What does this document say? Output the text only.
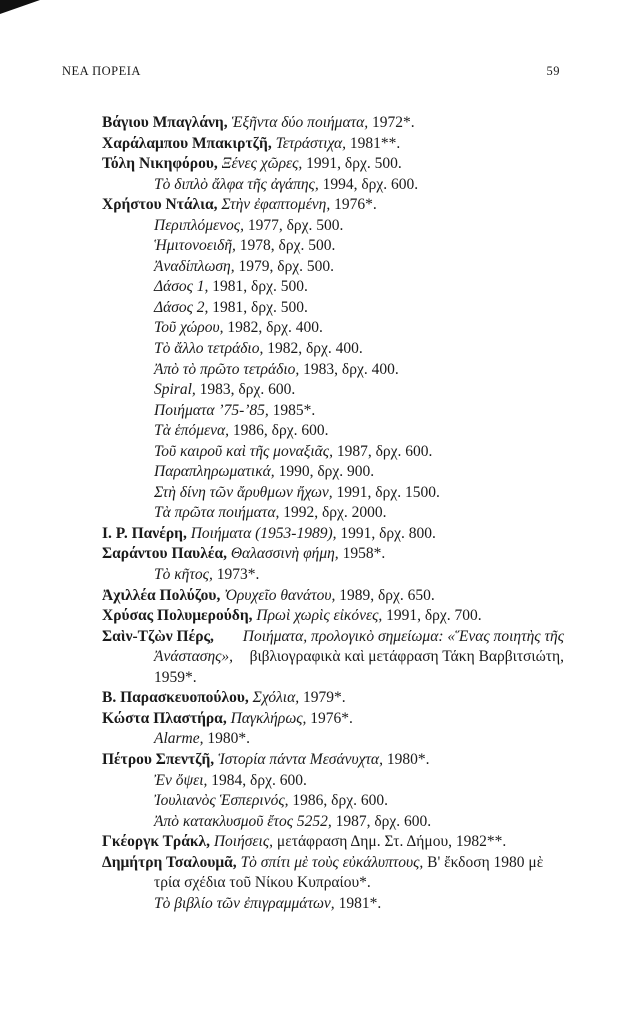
ΝΕΑ ΠΟΡΕΙΑ	59
Βάγιου Μπαγλάνη, Ἑξῆντα δύο ποιήματα, 1972*.
Χαράλαμπου Μπακιρτζῆ, Τετράστιχα, 1981**.
Τόλη Νικηφόρου, Ξένες χῶρες, 1991, δρχ. 500.
Τὸ διπλὸ ἄλφα τῆς ἀγάπης, 1994, δρχ. 600.
Χρήστου Ντάλια, Στὴν ἐφαπτομένη, 1976*.
Περιπλόμενος, 1977, δρχ. 500.
Ἡμιτονοειδῆ, 1978, δρχ. 500.
Ἀναδίπλωση, 1979, δρχ. 500.
Δάσος 1, 1981, δρχ. 500.
Δάσος 2, 1981, δρχ. 500.
Τοῦ χώρου, 1982, δρχ. 400.
Τὸ ἄλλο τετράδιο, 1982, δρχ. 400.
Ἀπὸ τὸ πρῶτο τετράδιο, 1983, δρχ. 400.
Spiral, 1983, δρχ. 600.
Ποιήματα ’75-’85, 1985*.
Τὰ ἑπόμενα, 1986, δρχ. 600.
Τοῦ καιροῦ καὶ τῆς μοναξιᾶς, 1987, δρχ. 600.
Παραπληρωματικά, 1990, δρχ. 900.
Στὴ δίνη τῶν ἄρυθμων ἤχων, 1991, δρχ. 1500.
Τὰ πρῶτα ποιήματα, 1992, δρχ. 2000.
Ι. Ρ. Πανέρη, Ποιήματα (1953-1989), 1991, δρχ. 800.
Σαράντου Παυλέα, Θαλασσινὴ φήμη, 1958*.
Τὸ κῆτος, 1973*.
Ἀχιλλέα Πολύζου, Ὀρυχεῖο θανάτου, 1989, δρχ. 650.
Χρύσας Πολυμερούδη, Πρωὶ χωρὶς εἰκόνες, 1991, δρχ. 700.
Σαὶν-Τζὼν Πέρς, Ποιήματα, προλογικὸ σημείωμα: «Ἕνας ποιητὴς τῆς
Ἀνάστασης», βιβλιογραφικὰ καὶ μετάφραση Τάκη Βαρβιτσιώτη,
1959*.
Β. Παρασκευοπούλου, Σχόλια, 1979*.
Κώστα Πλαστήρα, Παγκλήρως, 1976*.
Alarme, 1980*.
Πέτρου Σπεντζῆ, Ἱστορία πάντα Μεσάνυχτα, 1980*.
Ἐν ὄψει, 1984, δρχ. 600.
Ἰουλιανὸς Ἑσπερινός, 1986, δρχ. 600.
Ἀπὸ κατακλυσμοῦ ἔτος 5252, 1987, δρχ. 600.
Γκέοργκ Τράκλ, Ποιήσεις, μετάφραση Δημ. Στ. Δήμου, 1982**.
Δημήτρη Τσαλουμᾶ, Τὸ σπίτι μὲ τοὺς εὐκάλυπτους, Β' ἔκδοση 1980 μὲ
τρία σχέδια τοῦ Νίκου Κυπραίου*.
Τὸ βιβλίο τῶν ἐπιγραμμάτων, 1981*.
